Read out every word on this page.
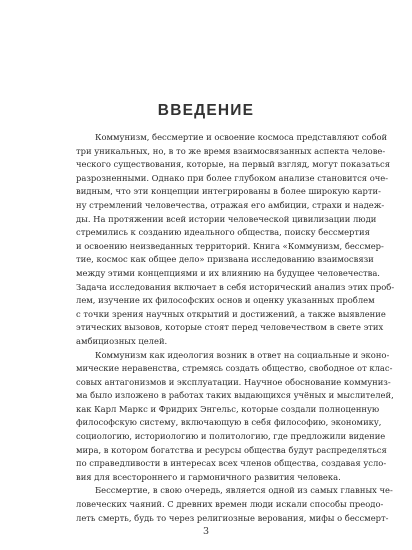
ВВЕДЕНИЕ

Коммунизм, бессмертие и освоение космоса представляют собой
три уникальных, но, в то же время взаимосвязанных аспекта челове-
ческого существования, которые, на первый взгляд, могут показаться
разрозненными. Однако при более глубоком анализе становится оче-
видным, что эти концепции интегрированы в более широкую карти-
ну стремлений человечества, отражая его амбиции, страхи и надеж-
ды. На протяжении всей истории человеческой цивилизации люди
стремились к созданию идеального общества, поиску бессмертия
и освоению неизведанных территорий. Книга «Коммунизм, бессмер-
тие, космос как общее дело» призвана исследованию взаимосвязи
между этими концепциями и их влиянию на будущее человечества.
Задача исследования включает в себя исторический анализ этих проб-
лем, изучение их философских основ и оценку указанных проблем
с точки зрения научных открытий и достижений, а также выявление
этических вызовов, которые стоят перед человечеством в свете этих
амбициозных целей.

Коммунизм как идеология возник в ответ на социальные и эконо-
мические неравенства, стремясь создать общество, свободное от клас-
совых антагонизмов и эксплуатации. Научное обоснование коммуниз-
ма было изложено в работах таких выдающихся учёных и мыслителей,
как Карл Маркс и Фридрих Энгельс, которые создали полноценную
философскую систему, включающую в себя философию, экономику,
социологию, историологию и политологию, где предложили видение
мира, в котором богатства и ресурсы общества будут распределяться
по справедливости в интересах всех членов общества, создавая усло-
вия для всестороннего и гармоничного развития человека.

Бессмертие, в свою очередь, является одной из самых главных че-
ловеческих чаяний. С древних времен люди искали способы преодо-
леть смерть, будь то через религиозные верования, мифы о бессмерт-

3
